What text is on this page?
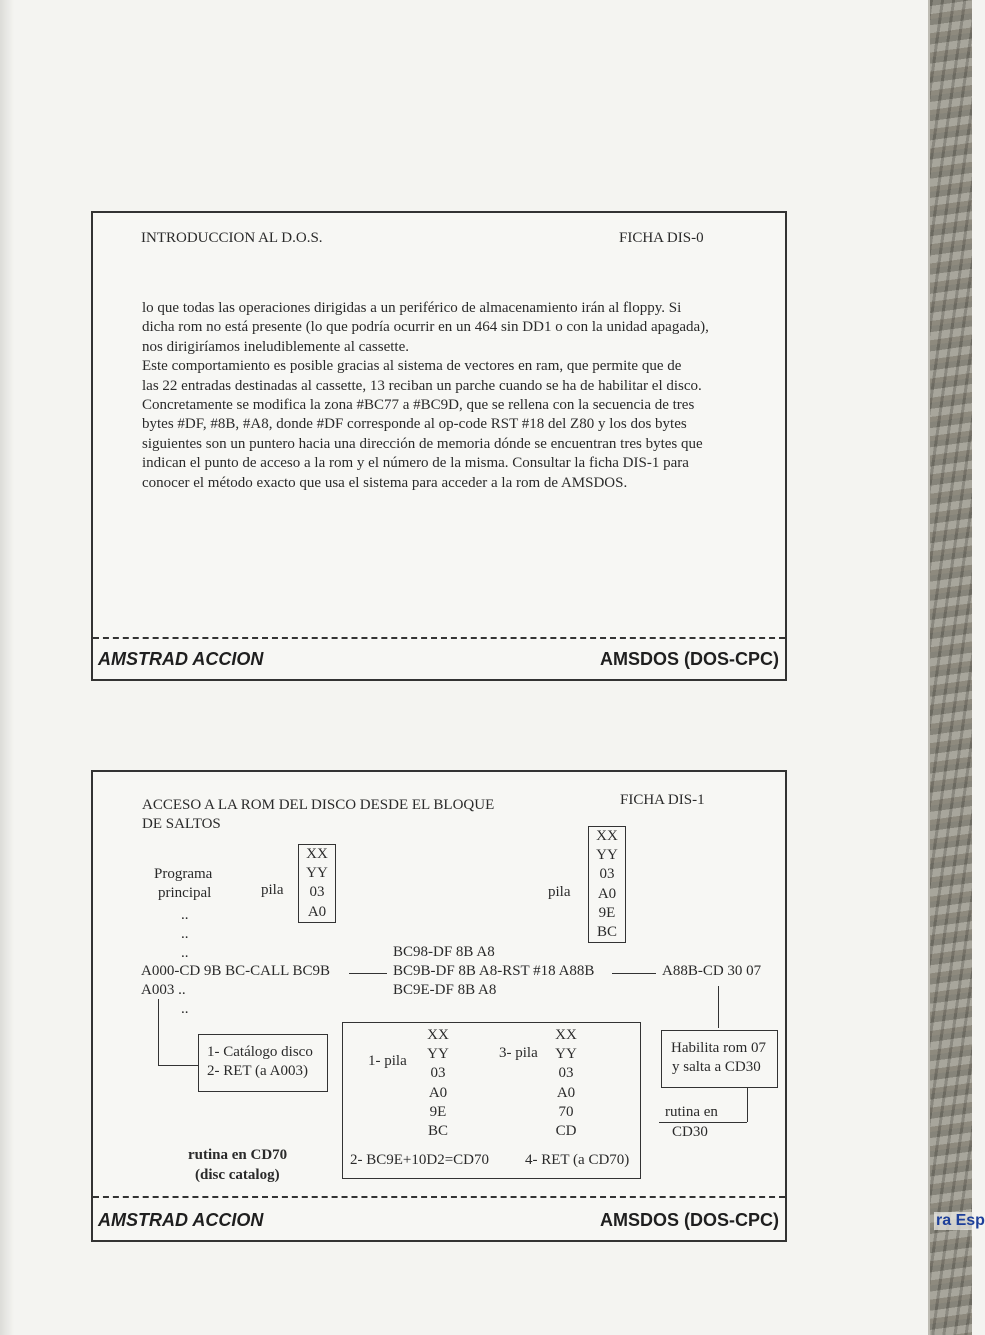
ra Esp
INTRODUCCION AL D.O.S.	FICHA DIS-0

lo que todas las operaciones dirigidas a un periférico de almacenamiento irán al floppy. Si
dicha rom no está presente (lo que podría ocurrir en un 464 sin DD1 o con la unidad apagada),
nos dirigiríamos ineludiblemente al cassette.
Este comportamiento es posible gracias al sistema de vectores en ram, que permite que de
las 22 entradas destinadas al cassette, 13 reciban un parche cuando se ha de habilitar el disco.
Concretamente se modifica la zona #BC77 a #BC9D, que se rellena con la secuencia de tres
bytes #DF, #8B, #A8, donde #DF corresponde al op-code RST #18 del Z80 y los dos bytes
siguientes son un puntero hacia una dirección de memoria dónde se encuentran tres bytes que
indican el punto de acceso a la rom y el número de la misma. Consultar la ficha DIS-1 para
conocer el método exacto que usa el sistema para acceder a la rom de AMSDOS.

AMSTRAD ACCION	AMSDOS (DOS-CPC)
ACCESO A LA ROM DEL DISCO DESDE EL BLOQUE
DE SALTOS
FICHA DIS-1
Programa
principal
..
..
..
pila
XX
YY
03
A0
pila
XX
YY
03
A0
9E
BC
BC98-DF 8B A8
BC9B-DF 8B A8-RST #18 A88B
BC9E-DF 8B A8
A000-CD 9B BC-CALL BC9B
A003 ..
..
A88B-CD 30 07
1- Catálogo disco
2- RET (a A003)
1- pila
XX
YY
03
A0
9E
BC
3- pila
XX
YY
03
A0
70
CD
2- BC9E+10D2=CD70 4- RET (a CD70)
Habilita rom 07
y salta a CD30
rutina en
CD30
rutina en CD70
(disc catalog)
AMSTRAD ACCION	AMSDOS (DOS-CPC)
